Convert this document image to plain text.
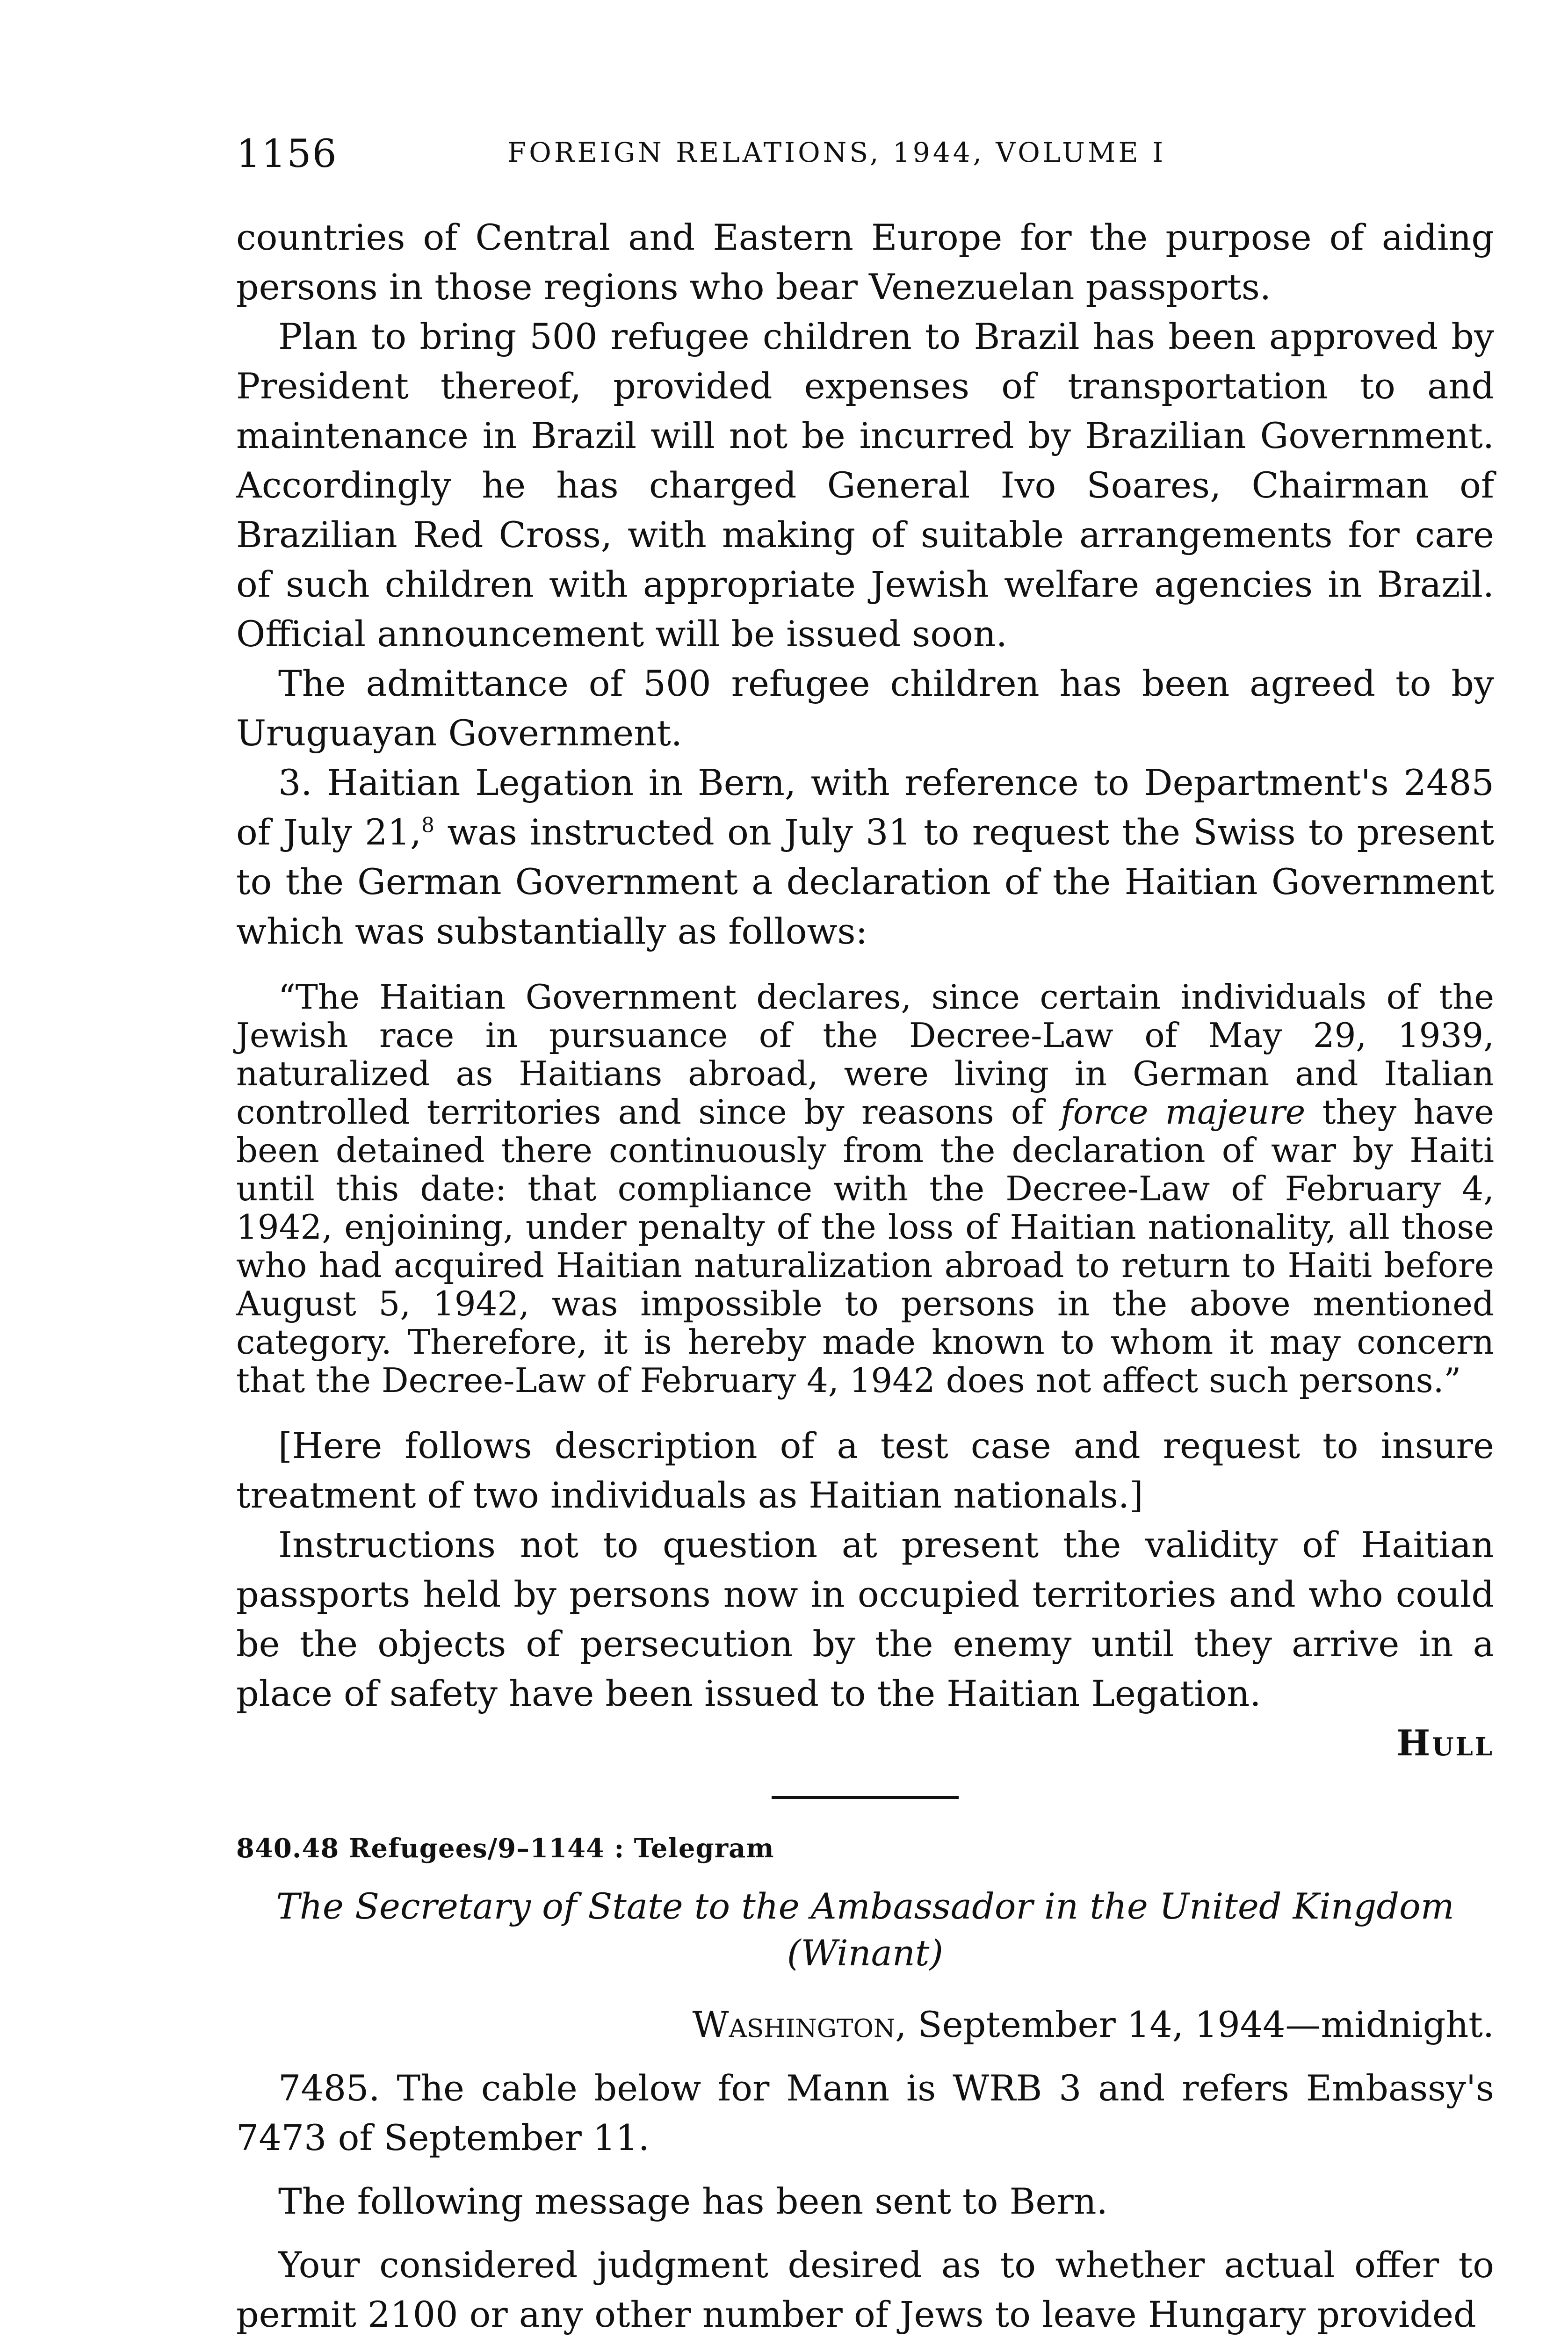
1156	FOREIGN RELATIONS, 1944, VOLUME I

countries of Central and Eastern Europe for the purpose of aiding persons in those regions who bear Venezuelan passports.

Plan to bring 500 refugee children to Brazil has been approved by President thereof, provided expenses of transportation to and maintenance in Brazil will not be incurred by Brazilian Government. Accordingly he has charged General Ivo Soares, Chairman of Brazilian Red Cross, with making of suitable arrangements for care of such children with appropriate Jewish welfare agencies in Brazil. Official announcement will be issued soon.

The admittance of 500 refugee children has been agreed to by Uruguayan Government.

3. Haitian Legation in Bern, with reference to Department's 2485 of July 21,$^8$ was instructed on July 31 to request the Swiss to present to the German Government a declaration of the Haitian Government which was substantially as follows:

“The Haitian Government declares, since certain individuals of the Jewish race in pursuance of the Decree-Law of May 29, 1939, naturalized as Haitians abroad, were living in German and Italian controlled territories and since by reasons of force majeure they have been detained there continuously from the declaration of war by Haiti until this date: that compliance with the Decree-Law of February 4, 1942, enjoining, under penalty of the loss of Haitian nationality, all those who had acquired Haitian naturalization abroad to return to Haiti before August 5, 1942, was impossible to persons in the above mentioned category. Therefore, it is hereby made known to whom it may concern that the Decree-Law of February 4, 1942 does not affect such persons.”

[Here follows description of a test case and request to insure treatment of two individuals as Haitian nationals.]

Instructions not to question at present the validity of Haitian passports held by persons now in occupied territories and who could be the objects of persecution by the enemy until they arrive in a place of safety have been issued to the Haitian Legation.

Hull

840.48 Refugees/9–1144 : Telegram

The Secretary of State to the Ambassador in the United Kingdom
(Winant)

Washington, September 14, 1944—midnight.

7485. The cable below for Mann is WRB 3 and refers Embassy's 7473 of September 11.

The following message has been sent to Bern.

Your considered judgment desired as to whether actual offer to permit 2100 or any other number of Jews to leave Hungary provided
